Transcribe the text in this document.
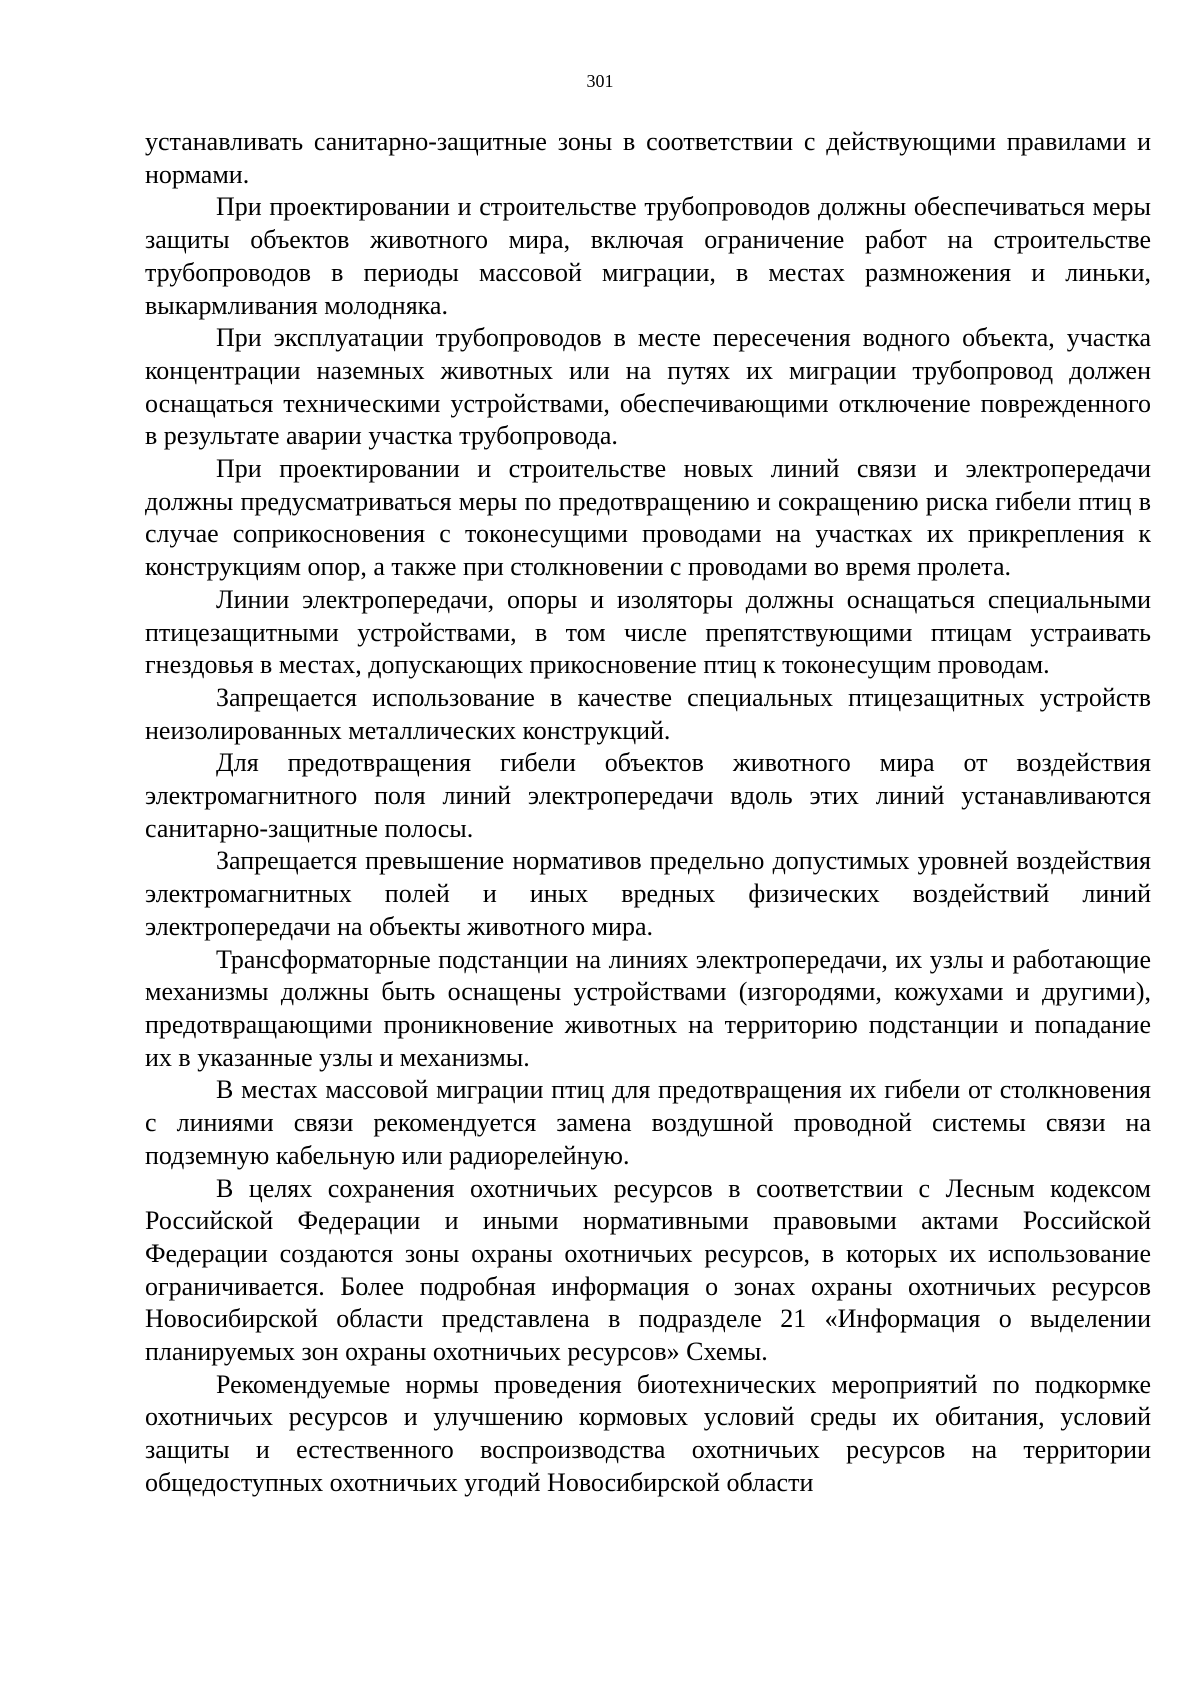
301

устанавливать санитарно-защитные зоны в соответствии с действующими правилами и нормами.

При проектировании и строительстве трубопроводов должны обеспечиваться меры защиты объектов животного мира, включая ограничение работ на строительстве трубопроводов в периоды массовой миграции, в местах размножения и линьки, выкармливания молодняка.

При эксплуатации трубопроводов в месте пересечения водного объекта, участка концентрации наземных животных или на путях их миграции трубопровод должен оснащаться техническими устройствами, обеспечивающими отключение поврежденного в результате аварии участка трубопровода.

При проектировании и строительстве новых линий связи и электропередачи должны предусматриваться меры по предотвращению и сокращению риска гибели птиц в случае соприкосновения с токонесущими проводами на участках их прикрепления к конструкциям опор, а также при столкновении с проводами во время пролета.

Линии электропередачи, опоры и изоляторы должны оснащаться специальными птицезащитными устройствами, в том числе препятствующими птицам устраивать гнездовья в местах, допускающих прикосновение птиц к токонесущим проводам.

Запрещается использование в качестве специальных птицезащитных устройств неизолированных металлических конструкций.

Для предотвращения гибели объектов животного мира от воздействия электромагнитного поля линий электропередачи вдоль этих линий устанавливаются санитарно-защитные полосы.

Запрещается превышение нормативов предельно допустимых уровней воздействия электромагнитных полей и иных вредных физических воздействий линий электропередачи на объекты животного мира.

Трансформаторные подстанции на линиях электропередачи, их узлы и работающие механизмы должны быть оснащены устройствами (изгородями, кожухами и другими), предотвращающими проникновение животных на территорию подстанции и попадание их в указанные узлы и механизмы.

В местах массовой миграции птиц для предотвращения их гибели от столкновения с линиями связи рекомендуется замена воздушной проводной системы связи на подземную кабельную или радиорелейную.

В целях сохранения охотничьих ресурсов в соответствии с Лесным кодексом Российской Федерации и иными нормативными правовыми актами Российской Федерации создаются зоны охраны охотничьих ресурсов, в которых их использование ограничивается. Более подробная информация о зонах охраны охотничьих ресурсов Новосибирской области представлена в подразделе 21 «Информация о выделении планируемых зон охраны охотничьих ресурсов» Схемы.

Рекомендуемые нормы проведения биотехнических мероприятий по подкормке охотничьих ресурсов и улучшению кормовых условий среды их обитания, условий защиты и естественного воспроизводства охотничьих ресурсов на территории общедоступных охотничьих угодий Новосибирской области
